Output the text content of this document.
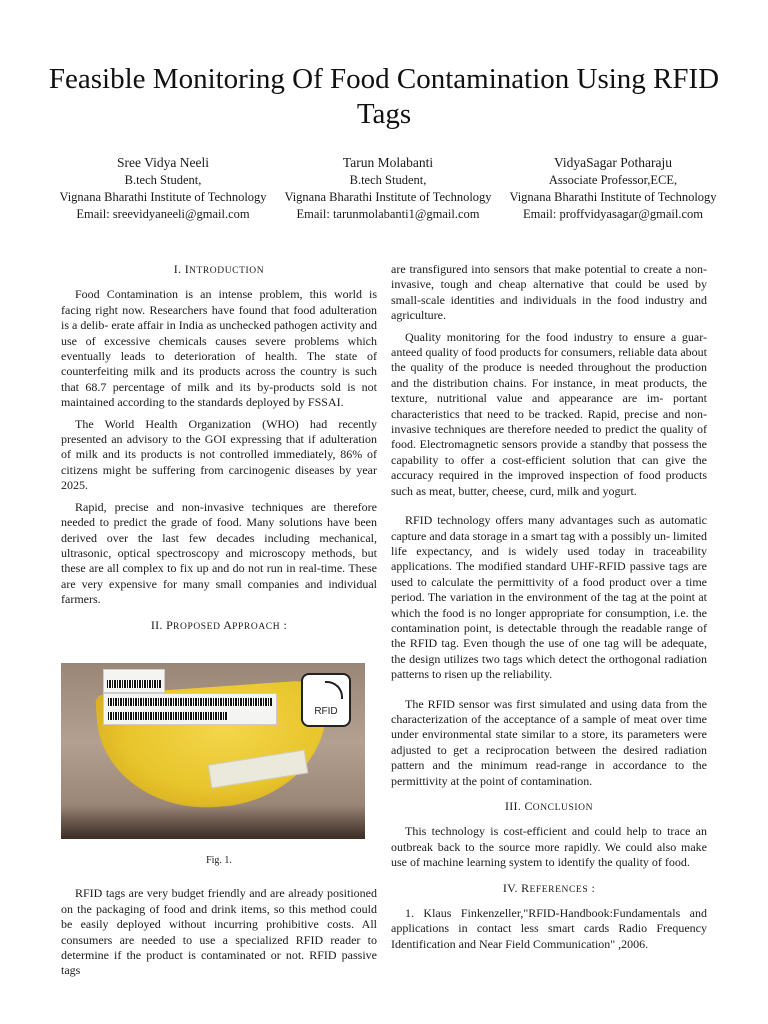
Feasible Monitoring Of Food Contamination Using RFID Tags
Sree Vidya Neeli
B.tech Student,
Vignana Bharathi Institute of Technology
Email: sreevidyaneeli@gmail.com
Tarun Molabanti
B.tech Student,
Vignana Bharathi Institute of Technology
Email: tarunmolabanti1@gmail.com
VidyaSagar Potharaju
Associate Professor,ECE,
Vignana Bharathi Institute of Technology
Email: proffvidyasagar@gmail.com
I. INTRODUCTION

Food Contamination is an intense problem, this world is facing right now. Researchers have found that food adulteration is a delib- erate affair in India as unchecked pathogen activity and use of excessive chemicals causes severe problems which eventually leads to deterioration of health. The state of counterfeiting milk and its products across the country is such that 68.7 percentage of milk and its by-products sold is not maintained according to the standards deployed by FSSAI.

The World Health Organization (WHO) had recently presented an advisory to the GOI expressing that if adulteration of milk and its products is not controlled immediately, 86% of citizens might be suffering from carcinogenic diseases by year 2025.

Rapid, precise and non-invasive techniques are therefore needed to predict the grade of food. Many solutions have been derived over the last few decades including mechanical, ultrasonic, optical spectroscopy and microscopy methods, but these are all complex to fix up and do not run in real-time. These are very expensive for many small companies and individual farmers.

II. PROPOSED APPROACH :
RFID
Fig. 1.

RFID tags are very budget friendly and are already positioned on the packaging of food and drink items, so this method could be easily deployed without incurring prohibitive costs. All consumers are needed to use a specialized RFID reader to determine if the product is contaminated or not. RFID passive tags

are transfigured into sensors that make potential to create a non-invasive, tough and cheap alternative that could be used by small-scale identities and individuals in the food industry and agriculture.

Quality monitoring for the food industry to ensure a guar- anteed quality of food products for consumers, reliable data about the quality of the produce is needed throughout the production and the distribution chains. For instance, in meat products, the texture, nutritional value and appearance are im- portant characteristics that need to be tracked. Rapid, precise and non-invasive techniques are therefore needed to predict the quality of food. Electromagnetic sensors provide a standby that possess the capability to offer a cost-efficient solution that can give the accuracy required in the improved inspection of food products such as meat, butter, cheese, curd, milk and yogurt.

RFID technology offers many advantages such as automatic capture and data storage in a smart tag with a possibly un- limited life expectancy, and is widely used today in traceability applications. The modified standard UHF-RFID passive tags are used to calculate the permittivity of a food product over a time period. The variation in the environment of the tag at the point at which the food is no longer appropriate for consumption, i.e. the contamination point, is detectable through the readable range of the RFID tag. Even though the use of one tag will be adequate, the design utilizes two tags which detect the orthogonal radiation patterns to risen up the reliability.

The RFID sensor was first simulated and using data from the characterization of the acceptance of a sample of meat over time under environmental state similar to a store, its parameters were adjusted to get a reciprocation between the desired radiation pattern and the minimum read-range in accordance to the permittivity at the point of contamination.

III. CONCLUSION

This technology is cost-efficient and could help to trace an outbreak back to the source more rapidly. We could also make use of machine learning system to identify the quality of food.

IV. REFERENCES :

1. Klaus Finkenzeller,"RFID-Handbook:Fundamentals and applications in contact less smart cards Radio Frequency Identification and Near Field Communication" ,2006.
